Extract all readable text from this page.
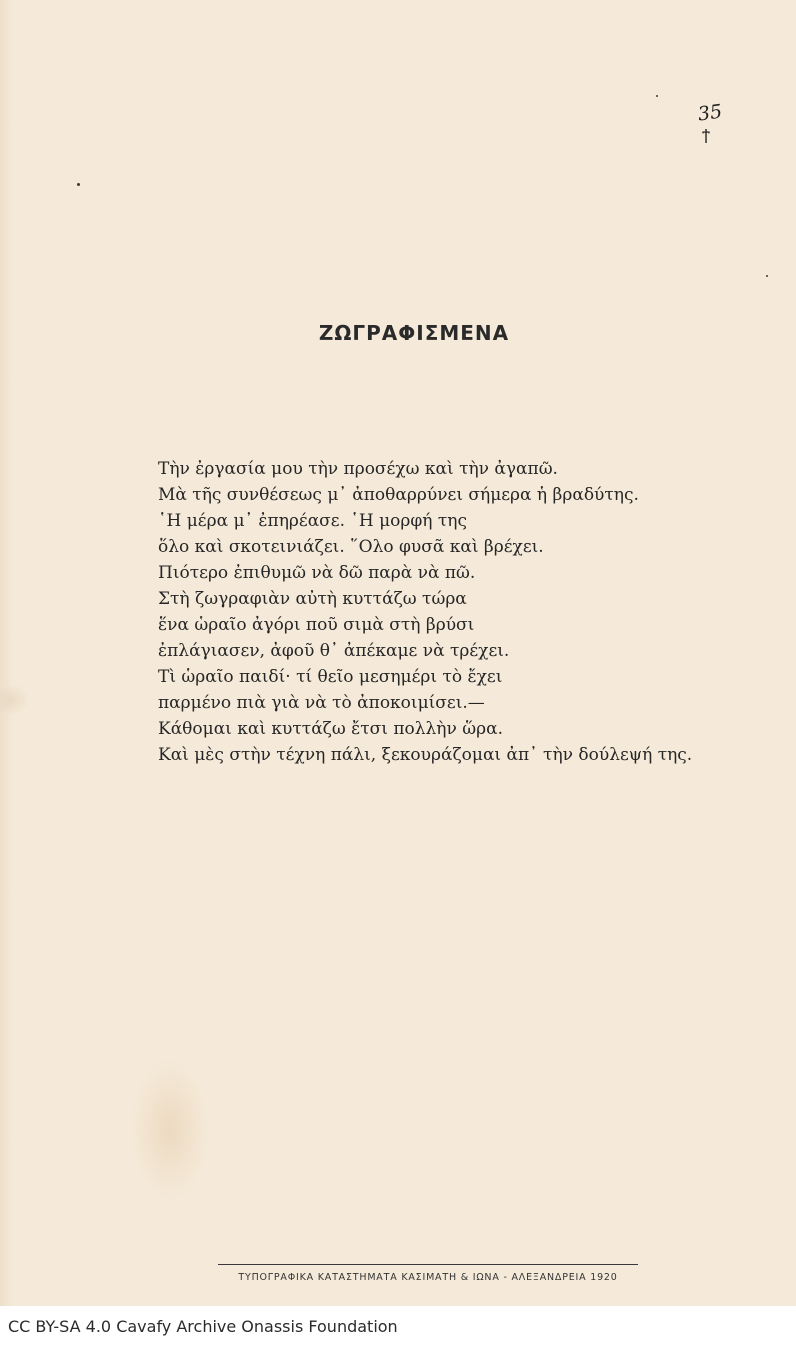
35
ϯ
ΖΩΓΡΑΦΙΣΜΕΝΑ
Τὴν ἐργασία μου τὴν προσέχω καὶ τὴν ἀγαπῶ.
Μὰ τῆς συνθέσεως μ᾽ ἀποθαρρύνει σήμερα ἡ βραδύτης.
῾Η μέρα μ᾽ ἐπηρέασε. ῾Η μορφή της
ὅλο καὶ σκοτεινιάζει. ῞Ολο φυσᾶ καὶ βρέχει.
Πιότερο ἐπιθυμῶ νὰ δῶ παρὰ νὰ πῶ.
Στὴ ζωγραφιὰν αὐτὴ κυττάζω τώρα
ἕνα ὡραῖο ἀγόρι ποῦ σιμὰ στὴ βρύσι
ἐπλάγιασεν, ἀφοῦ θ᾽ ἀπέκαμε νὰ τρέχει.
Τὶ ὡραῖο παιδί· τί θεῖο μεσημέρι τὸ ἔχει
παρμένο πιὰ γιὰ νὰ τὸ ἀποκοιμίσει.—
Κάθομαι καὶ κυττάζω ἔτσι πολλὴν ὥρα.
Καὶ μὲς στὴν τέχνη πάλι, ξεκουράζομαι ἀπ᾽ τὴν δούλεψή της.

ΤΥΠΟΓΡΑΦΙΚΑ ΚΑΤΑΣΤΗΜΑΤΑ ΚΑΣΙΜΑΤΗ & ΙΩΝΑ - ΑΛΕΞΑΝΔΡΕΙΑ 1920

CC BY-SA 4.0 Cavafy Archive Onassis Foundation
